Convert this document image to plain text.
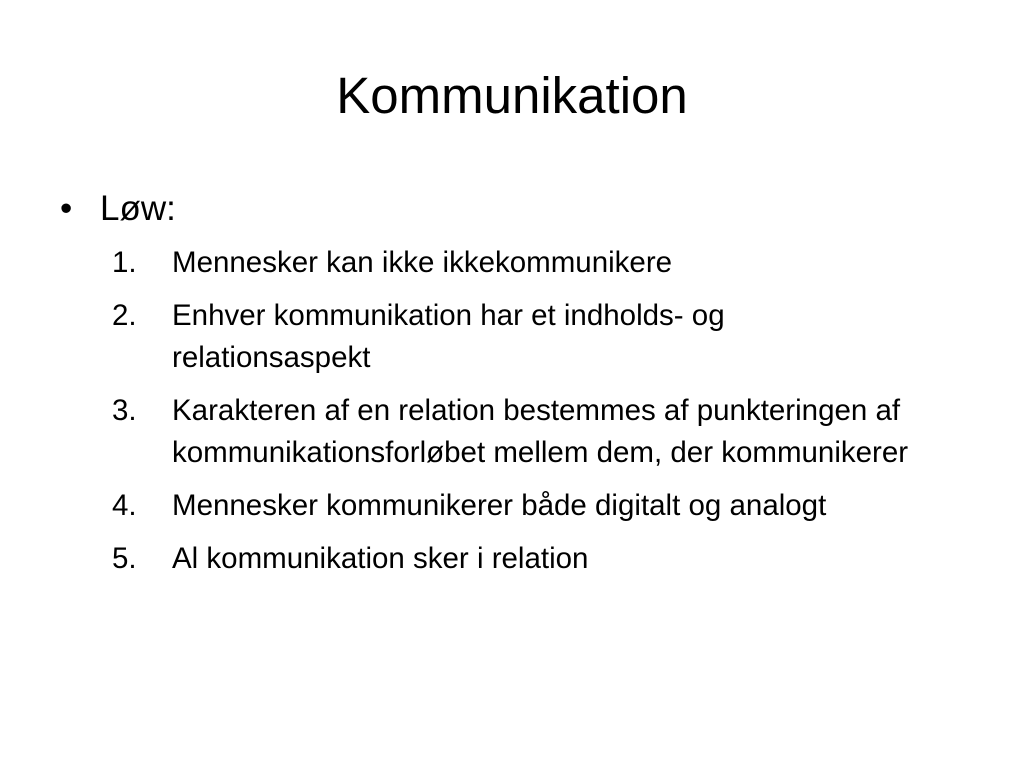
Kommunikation
• Løw:
1.	Mennesker kan ikke ikkekommunikere
2.	Enhver kommunikation har et indholds- og relationsaspekt
3.	Karakteren af en relation bestemmes af punkteringen af kommunikationsforløbet mellem dem, der kommunikerer
4.	Mennesker kommunikerer både digitalt og analogt
5.	Al kommunikation sker i relation
